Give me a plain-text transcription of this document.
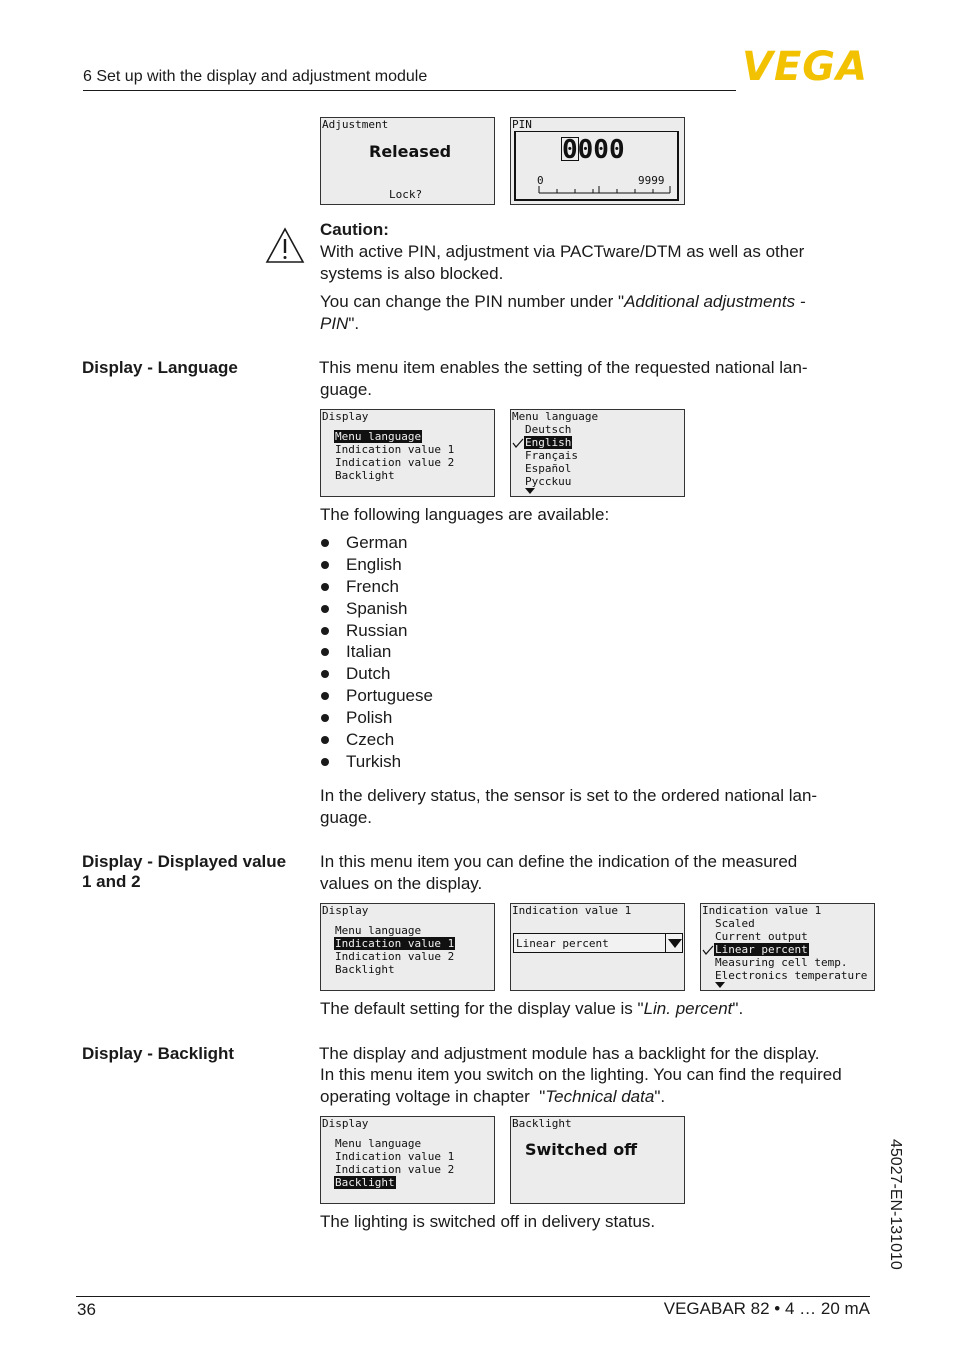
6 Set up with the display and adjustment module	VEGA
Adjustment
Released
Lock?
PIN
0000
0	9999
Caution:
With active PIN, adjustment via PACTware/DTM as well as other
systems is also blocked.
You can change the PIN number under "Additional adjustments -
PIN".
Display - Language	This menu item enables the setting of the requested national lan-
guage.
Display
Menu language
Indication value 1
Indication value 2
Backlight
Menu language
Deutsch
English
Français
Español
Pycckuu
The following languages are available:
German
English
French
Spanish
Russian
Italian
Dutch
Portuguese
Polish
Czech
Turkish
In the delivery status, the sensor is set to the ordered national lan-
guage.
Display - Displayed value
1 and 2
In this menu item you can define the indication of the measured
values on the display.
Display
Menu language
Indication value 1
Indication value 2
Backlight
Indication value 1
Linear percent
Indication value 1
Scaled
Current output
Linear percent
Measuring cell temp.
Electronics temperature
The default setting for the display value is "Lin. percent".
Display - Backlight	The display and adjustment module has a backlight for the display.
In this menu item you switch on the lighting. You can find the required
operating voltage in chapter  "Technical data".
Display
Menu language
Indication value 1
Indication value 2
Backlight
Backlight
Switched off
The lighting is switched off in delivery status.	45027-EN-131010
36	VEGABAR 82 • 4 … 20 mA
